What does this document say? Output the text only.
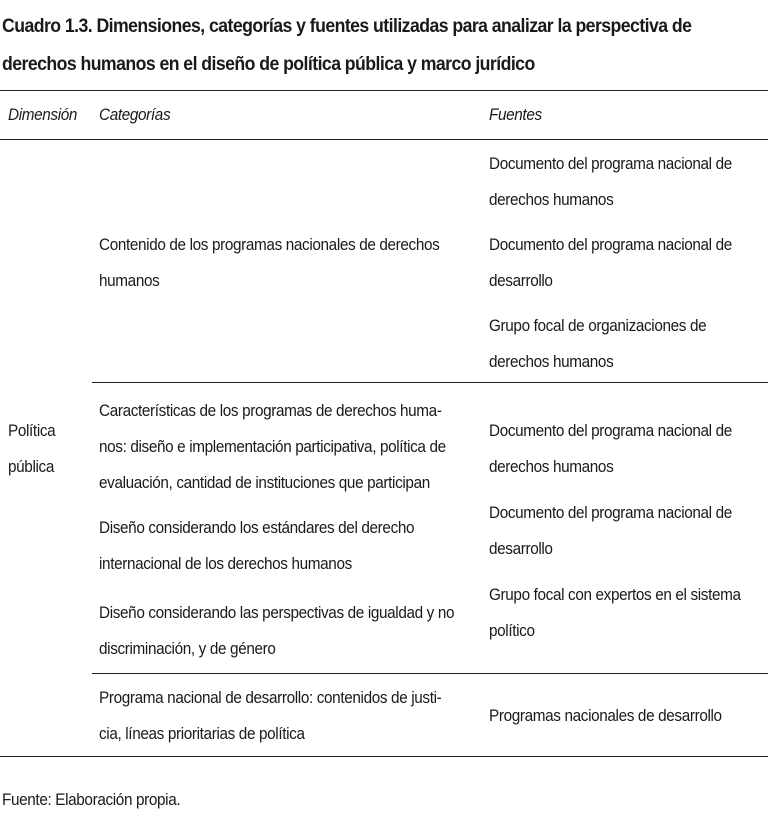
Cuadro 1.3. Dimensiones, categorías y fuentes utilizadas para analizar la perspectiva de
derechos humanos en el diseño de política pública y marco jurídico
Dimensión Categorías	Fuentes
Política
pública
Contenido de los programas nacionales de derechos
humanos
Documento del programa nacional de
derechos humanos
Documento del programa nacional de
desarrollo
Grupo focal de organizaciones de
derechos humanos
Características de los programas de derechos huma-
nos: diseño e implementación participativa, política de
evaluación, cantidad de instituciones que participan
Diseño considerando los estándares del derecho
internacional de los derechos humanos
Diseño considerando las perspectivas de igualdad y no
discriminación, y de género
Documento del programa nacional de
derechos humanos
Documento del programa nacional de
desarrollo
Grupo focal con expertos en el sistema
político
Programa nacional de desarrollo: contenidos de justi-
cia, líneas prioritarias de política
Programas nacionales de desarrollo
Fuente: Elaboración propia.
